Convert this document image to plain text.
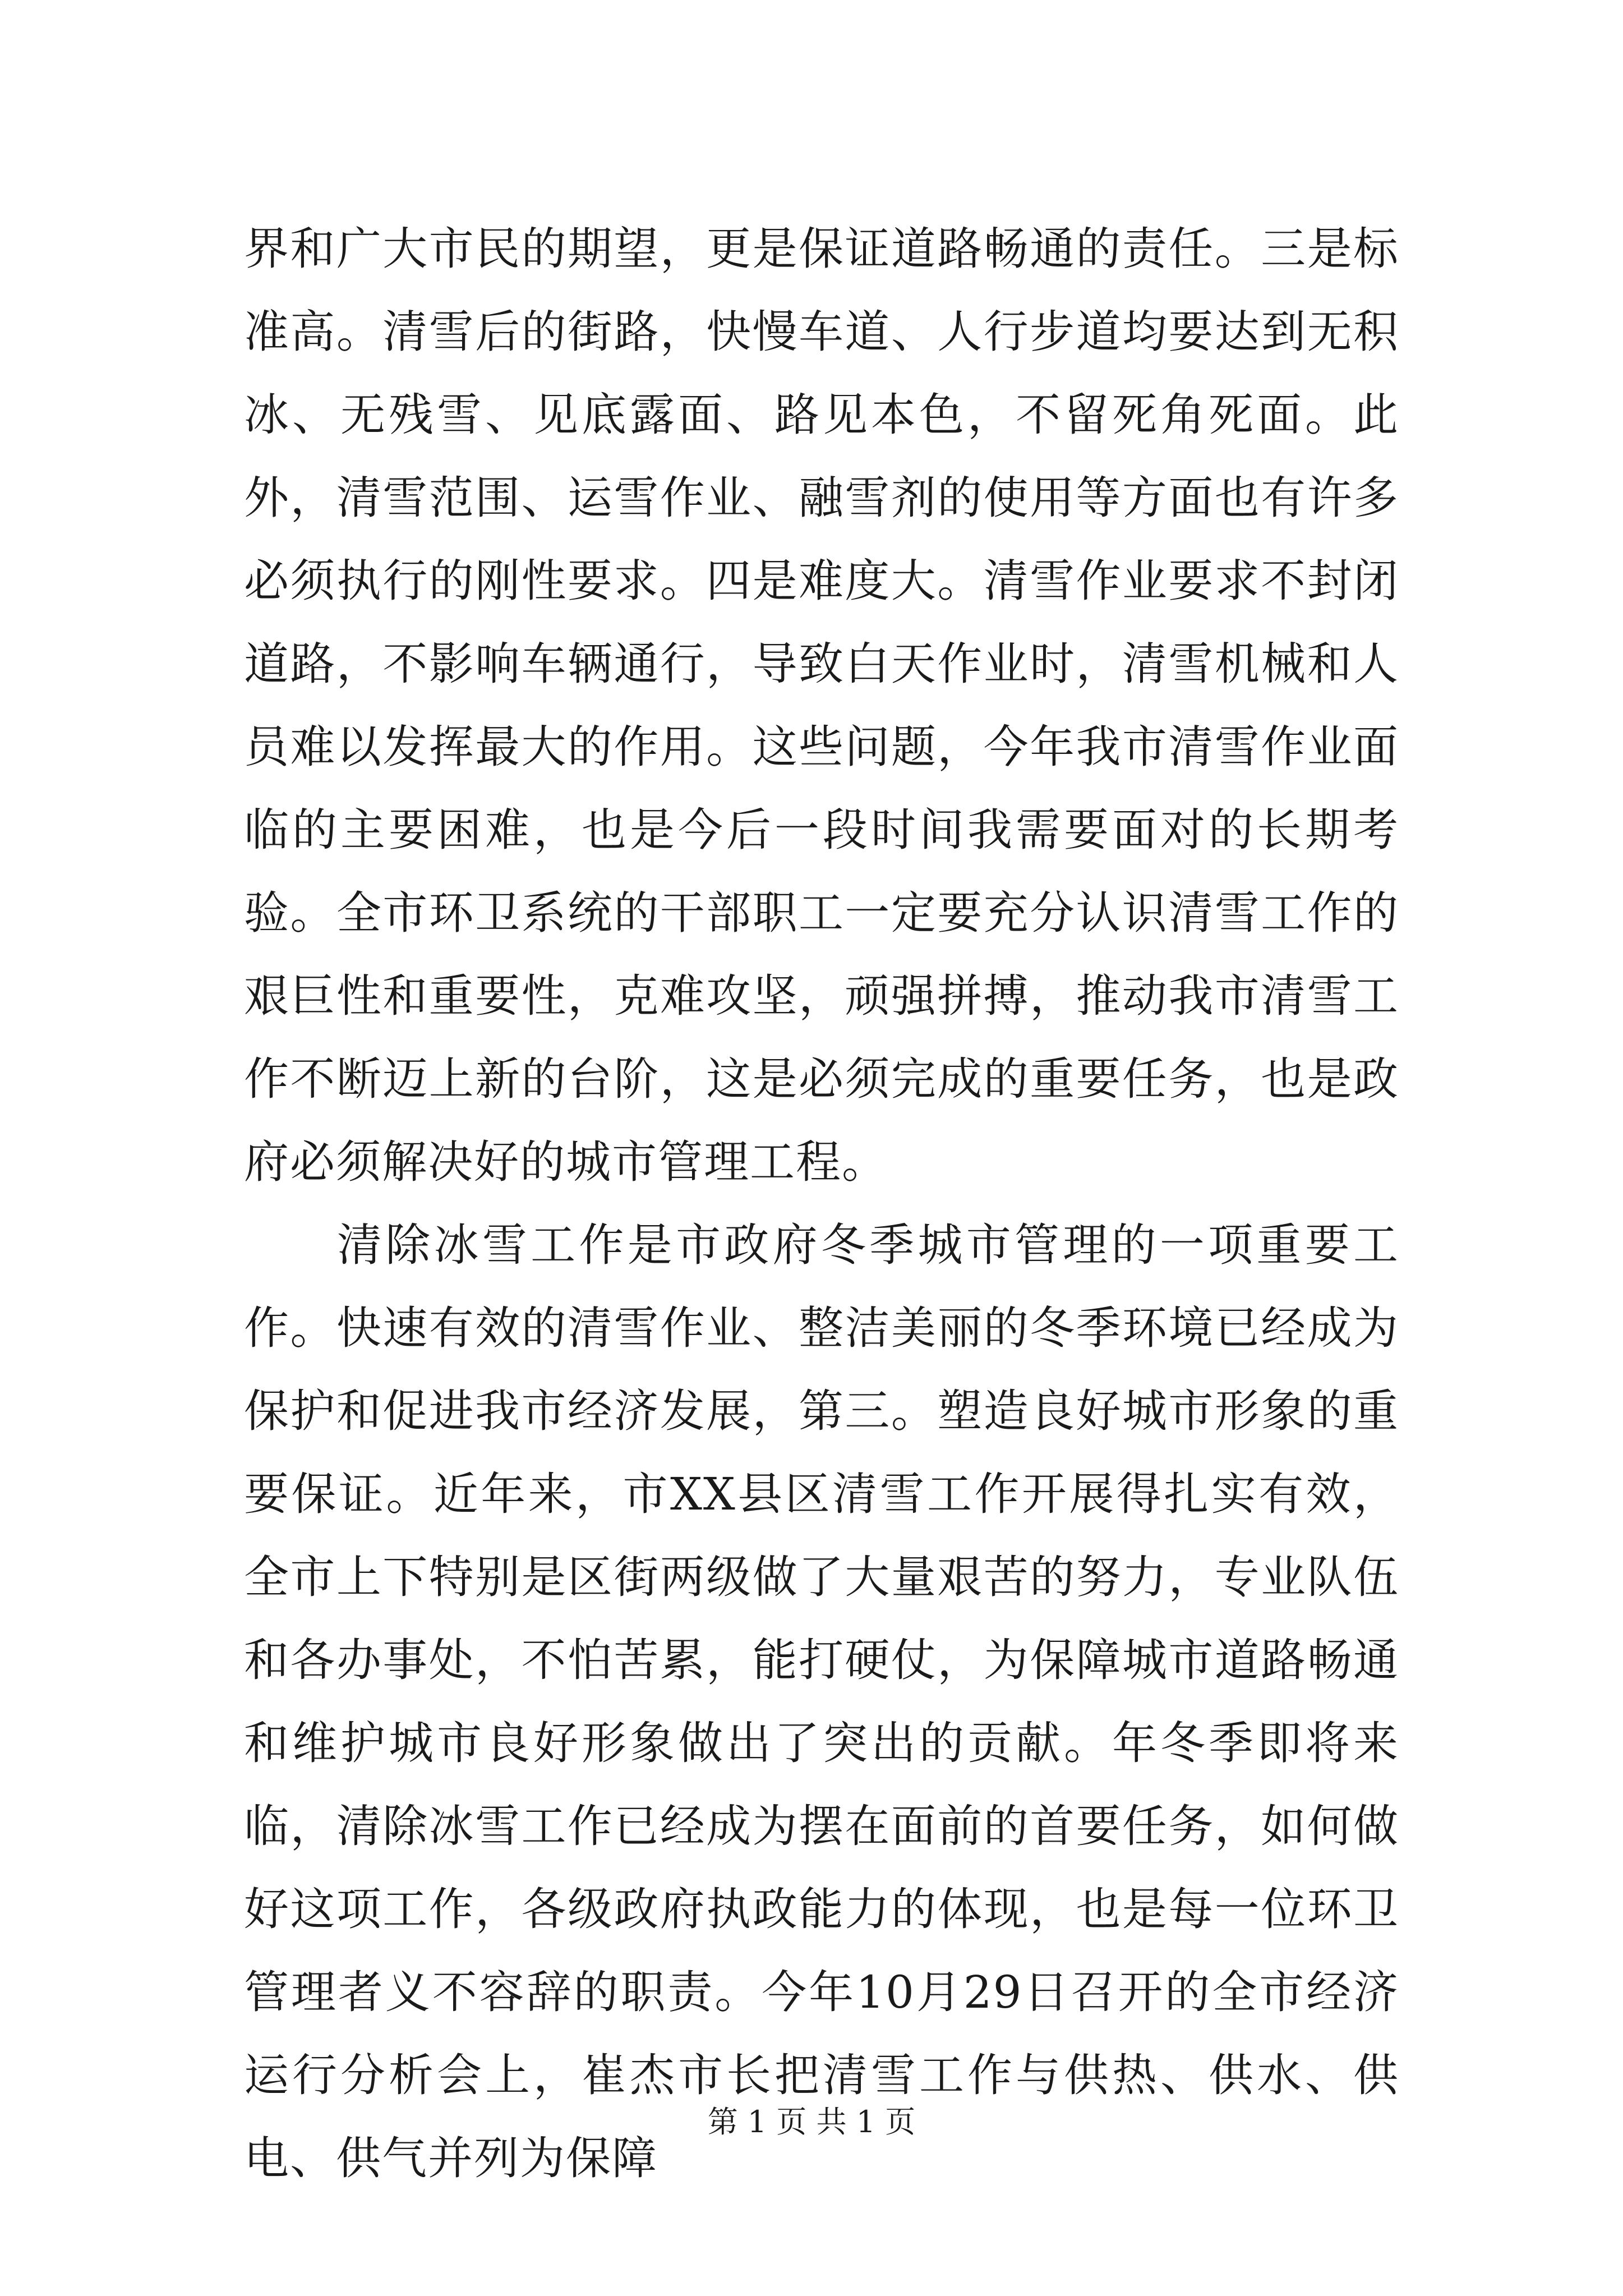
界和广大市民的期望，更是保证道路畅通的责任。三是标准高。清雪后的街路，快慢车道、人行步道均要达到无积冰、无残雪、见底露面、路见本色，不留死角死面。此外，清雪范围、运雪作业、融雪剂的使用等方面也有许多必须执行的刚性要求。四是难度大。清雪作业要求不封闭道路，不影响车辆通行，导致白天作业时，清雪机械和人员难以发挥最大的作用。这些问题，今年我市清雪作业面临的主要困难，也是今后一段时间我需要面对的长期考验。全市环卫系统的干部职工一定要充分认识清雪工作的艰巨性和重要性，克难攻坚，顽强拼搏，推动我市清雪工作不断迈上新的台阶，这是必须完成的重要任务，也是政府必须解决好的城市管理工程。

清除冰雪工作是市政府冬季城市管理的一项重要工作。快速有效的清雪作业、整洁美丽的冬季环境已经成为保护和促进我市经济发展，第三。塑造良好城市形象的重要保证。近年来，市XX县区清雪工作开展得扎实有效，全市上下特别是区街两级做了大量艰苦的努力，专业队伍和各办事处，不怕苦累，能打硬仗，为保障城市道路畅通和维护城市良好形象做出了突出的贡献。年冬季即将来临，清除冰雪工作已经成为摆在面前的首要任务，如何做好这项工作，各级政府执政能力的体现，也是每一位环卫管理者义不容辞的职责。今年10月29日召开的全市经济运行分析会上，崔杰市长把清雪工作与供热、供水、供电、供气并列为保障

第 1 页 共 1 页
